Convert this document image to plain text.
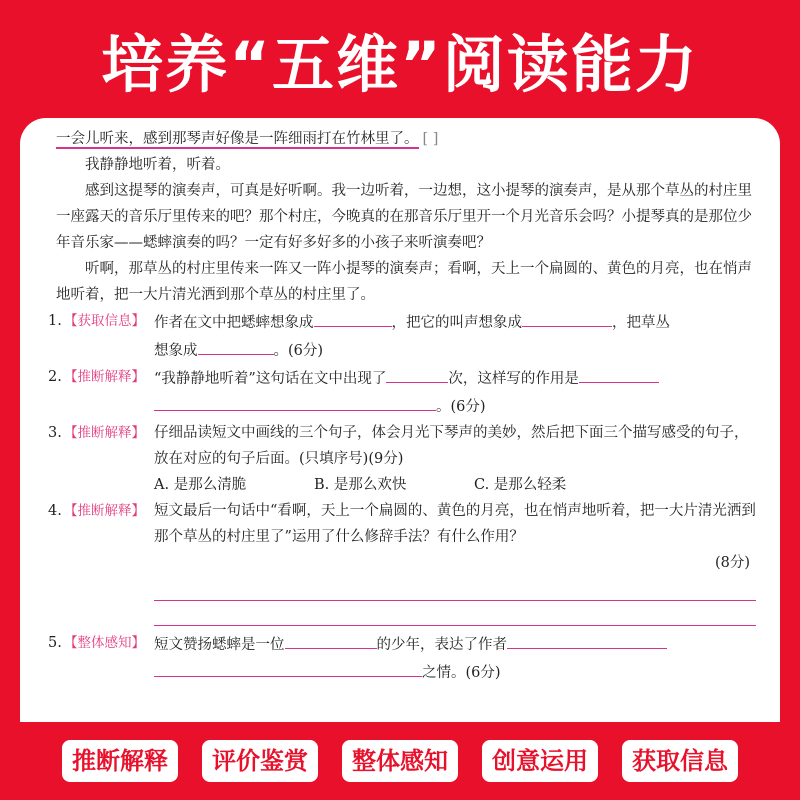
培养“五维”阅读能力

一会儿听来，感到那琴声好像是一阵细雨打在竹林里了。 [ ]

我静静地听着，听着。

感到这提琴的演奏声，可真是好听啊。我一边听着，一边想，这小提琴的演奏声，是从那个草丛的村庄里一座露天的音乐厅里传来的吧？那个村庄，今晚真的在那音乐厅里开一个月光音乐会吗？小提琴真的是那位少年音乐家——蟋蟀演奏的吗？一定有好多好多的小孩子来听演奏吧？

听啊，那草丛的村庄里传来一阵又一阵小提琴的演奏声；看啊，天上一个扁圆的、黄色的月亮，也在悄声地听着，把一大片清光洒到那个草丛的村庄里了。

1. 【获取信息】 作者在文中把蟋蟀想象成	，把它的叫声想象成	，把草丛
想象成	。(6分)
2. 【推断解释】 “我静静地听着”这句话在文中出现了	次，这样写的作用是
。(6分)
3. 【推断解释】 仔细品读短文中画线的三个句子，体会月光下琴声的美妙，然后把下面三个描写感受的句子，放在对应的句子后面。(只填序号)(9分)
A. 是那么清脆	B. 是那么欢快	C. 是那么轻柔
4. 【推断解释】 短文最后一句话中“看啊，天上一个扁圆的、黄色的月亮，也在悄声地听着，把一大片清光洒到那个草丛的村庄里了”运用了什么修辞手法？有什么作用？
(8分)
5. 【整体感知】 短文赞扬蟋蟀是一位	的少年，表达了作者
之情。(6分)
推断解释	评价鉴赏	整体感知	创意运用	获取信息
